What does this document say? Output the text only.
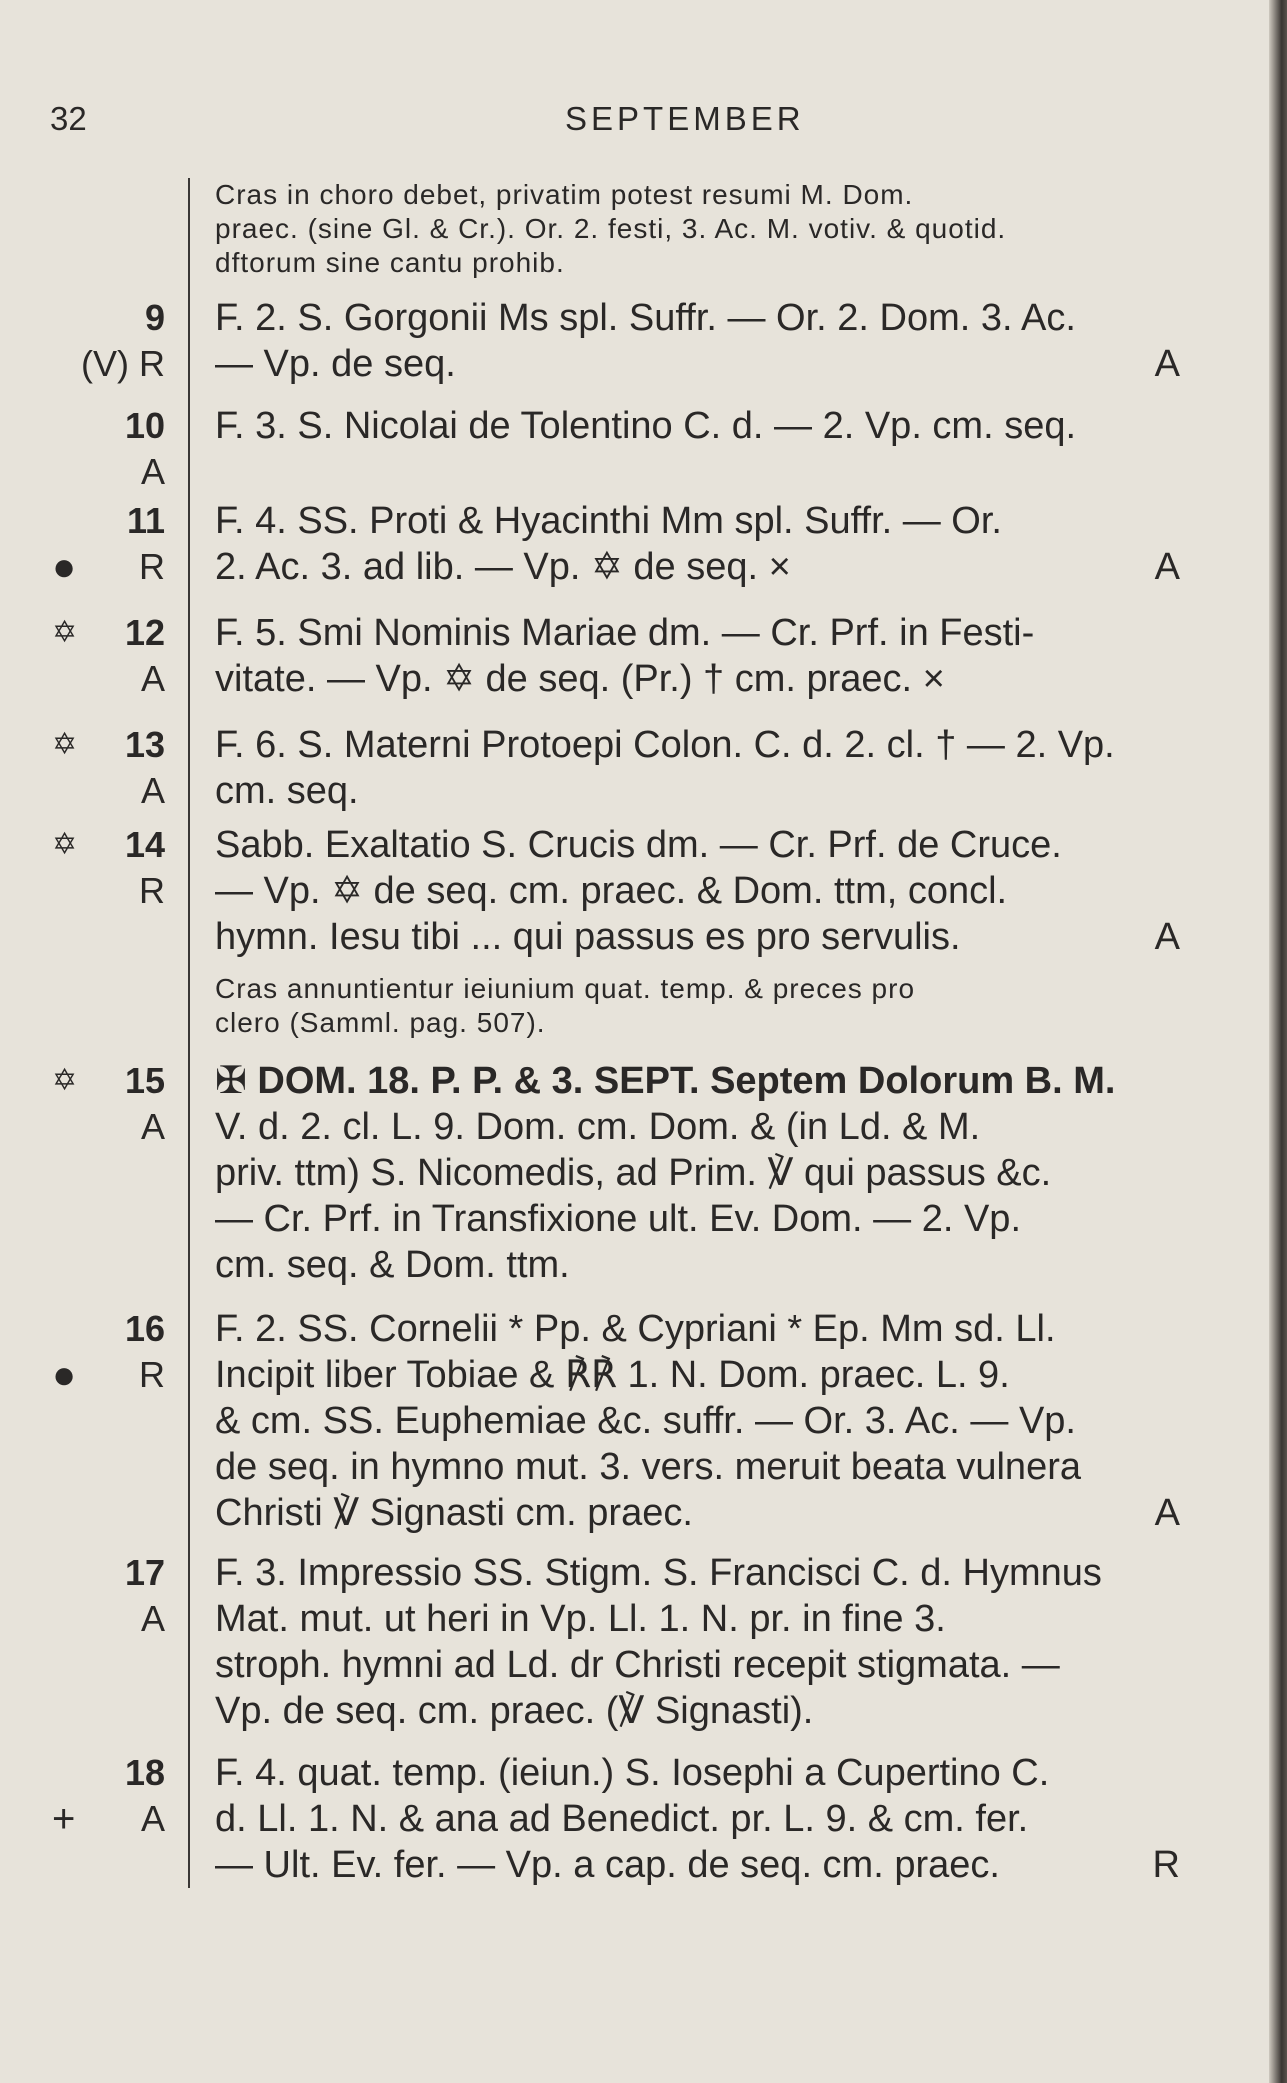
32	SEPTEMBER
Cras in choro debet, privatim potest resumi M. Dom.
praec. (sine Gl. & Cr.). Or. 2. festi, 3. Ac. M. votiv. & quotid.
dftorum sine cantu prohib.
9
(V) R
F. 2. S. Gorgonii Ms spl. Suffr. — Or. 2. Dom. 3. Ac.
— Vp. de seq.	A
10
A
F. 3. S. Nicolai de Tolentino C. d. — 2. Vp. cm. seq.
11
● R
F. 4. SS. Proti & Hyacinthi Mm spl. Suffr. — Or.
2. Ac. 3. ad lib. — Vp. ✡ de seq. ×	A
✡ 12
A
F. 5. Smi Nominis Mariae dm. — Cr. Prf. in Festi-
vitate. — Vp. ✡ de seq. (Pr.) † cm. praec. ×
✡ 13
A
F. 6. S. Materni Protoepi Colon. C. d. 2. cl. † — 2. Vp.
cm. seq.
✡ 14
R
Sabb. Exaltatio S. Crucis dm. — Cr. Prf. de Cruce.
— Vp. ✡ de seq. cm. praec. & Dom. ttm, concl.
hymn. Iesu tibi ... qui passus es pro servulis.	A
Cras annuntientur ieiunium quat. temp. & preces pro
clero (Samml. pag. 507).
✡ 15
A
✠ DOM. 18. P. P. & 3. SEPT. Septem Dolorum B. M.
V. d. 2. cl. L. 9. Dom. cm. Dom. & (in Ld. & M.
priv. ttm) S. Nicomedis, ad Prim. ℣ qui passus &c.
— Cr. Prf. in Transfixione ult. Ev. Dom. — 2. Vp.
cm. seq. & Dom. ttm.
16
● R
F. 2. SS. Cornelii * Pp. & Cypriani * Ep. Mm sd. Ll.
Incipit liber Tobiae & ℟℟ 1. N. Dom. praec. L. 9.
& cm. SS. Euphemiae &c. suffr. — Or. 3. Ac. — Vp.
de seq. in hymno mut. 3. vers. meruit beata vulnera
Christi ℣ Signasti cm. praec.	A
17
A
F. 3. Impressio SS. Stigm. S. Francisci C. d. Hymnus
Mat. mut. ut heri in Vp. Ll. 1. N. pr. in fine 3.
stroph. hymni ad Ld. dr Christi recepit stigmata. —
Vp. de seq. cm. praec. (℣ Signasti).
18
+ A
F. 4. quat. temp. (ieiun.) S. Iosephi a Cupertino C.
d. Ll. 1. N. & ana ad Benedict. pr. L. 9. & cm. fer.
— Ult. Ev. fer. — Vp. a cap. de seq. cm. praec.	R
